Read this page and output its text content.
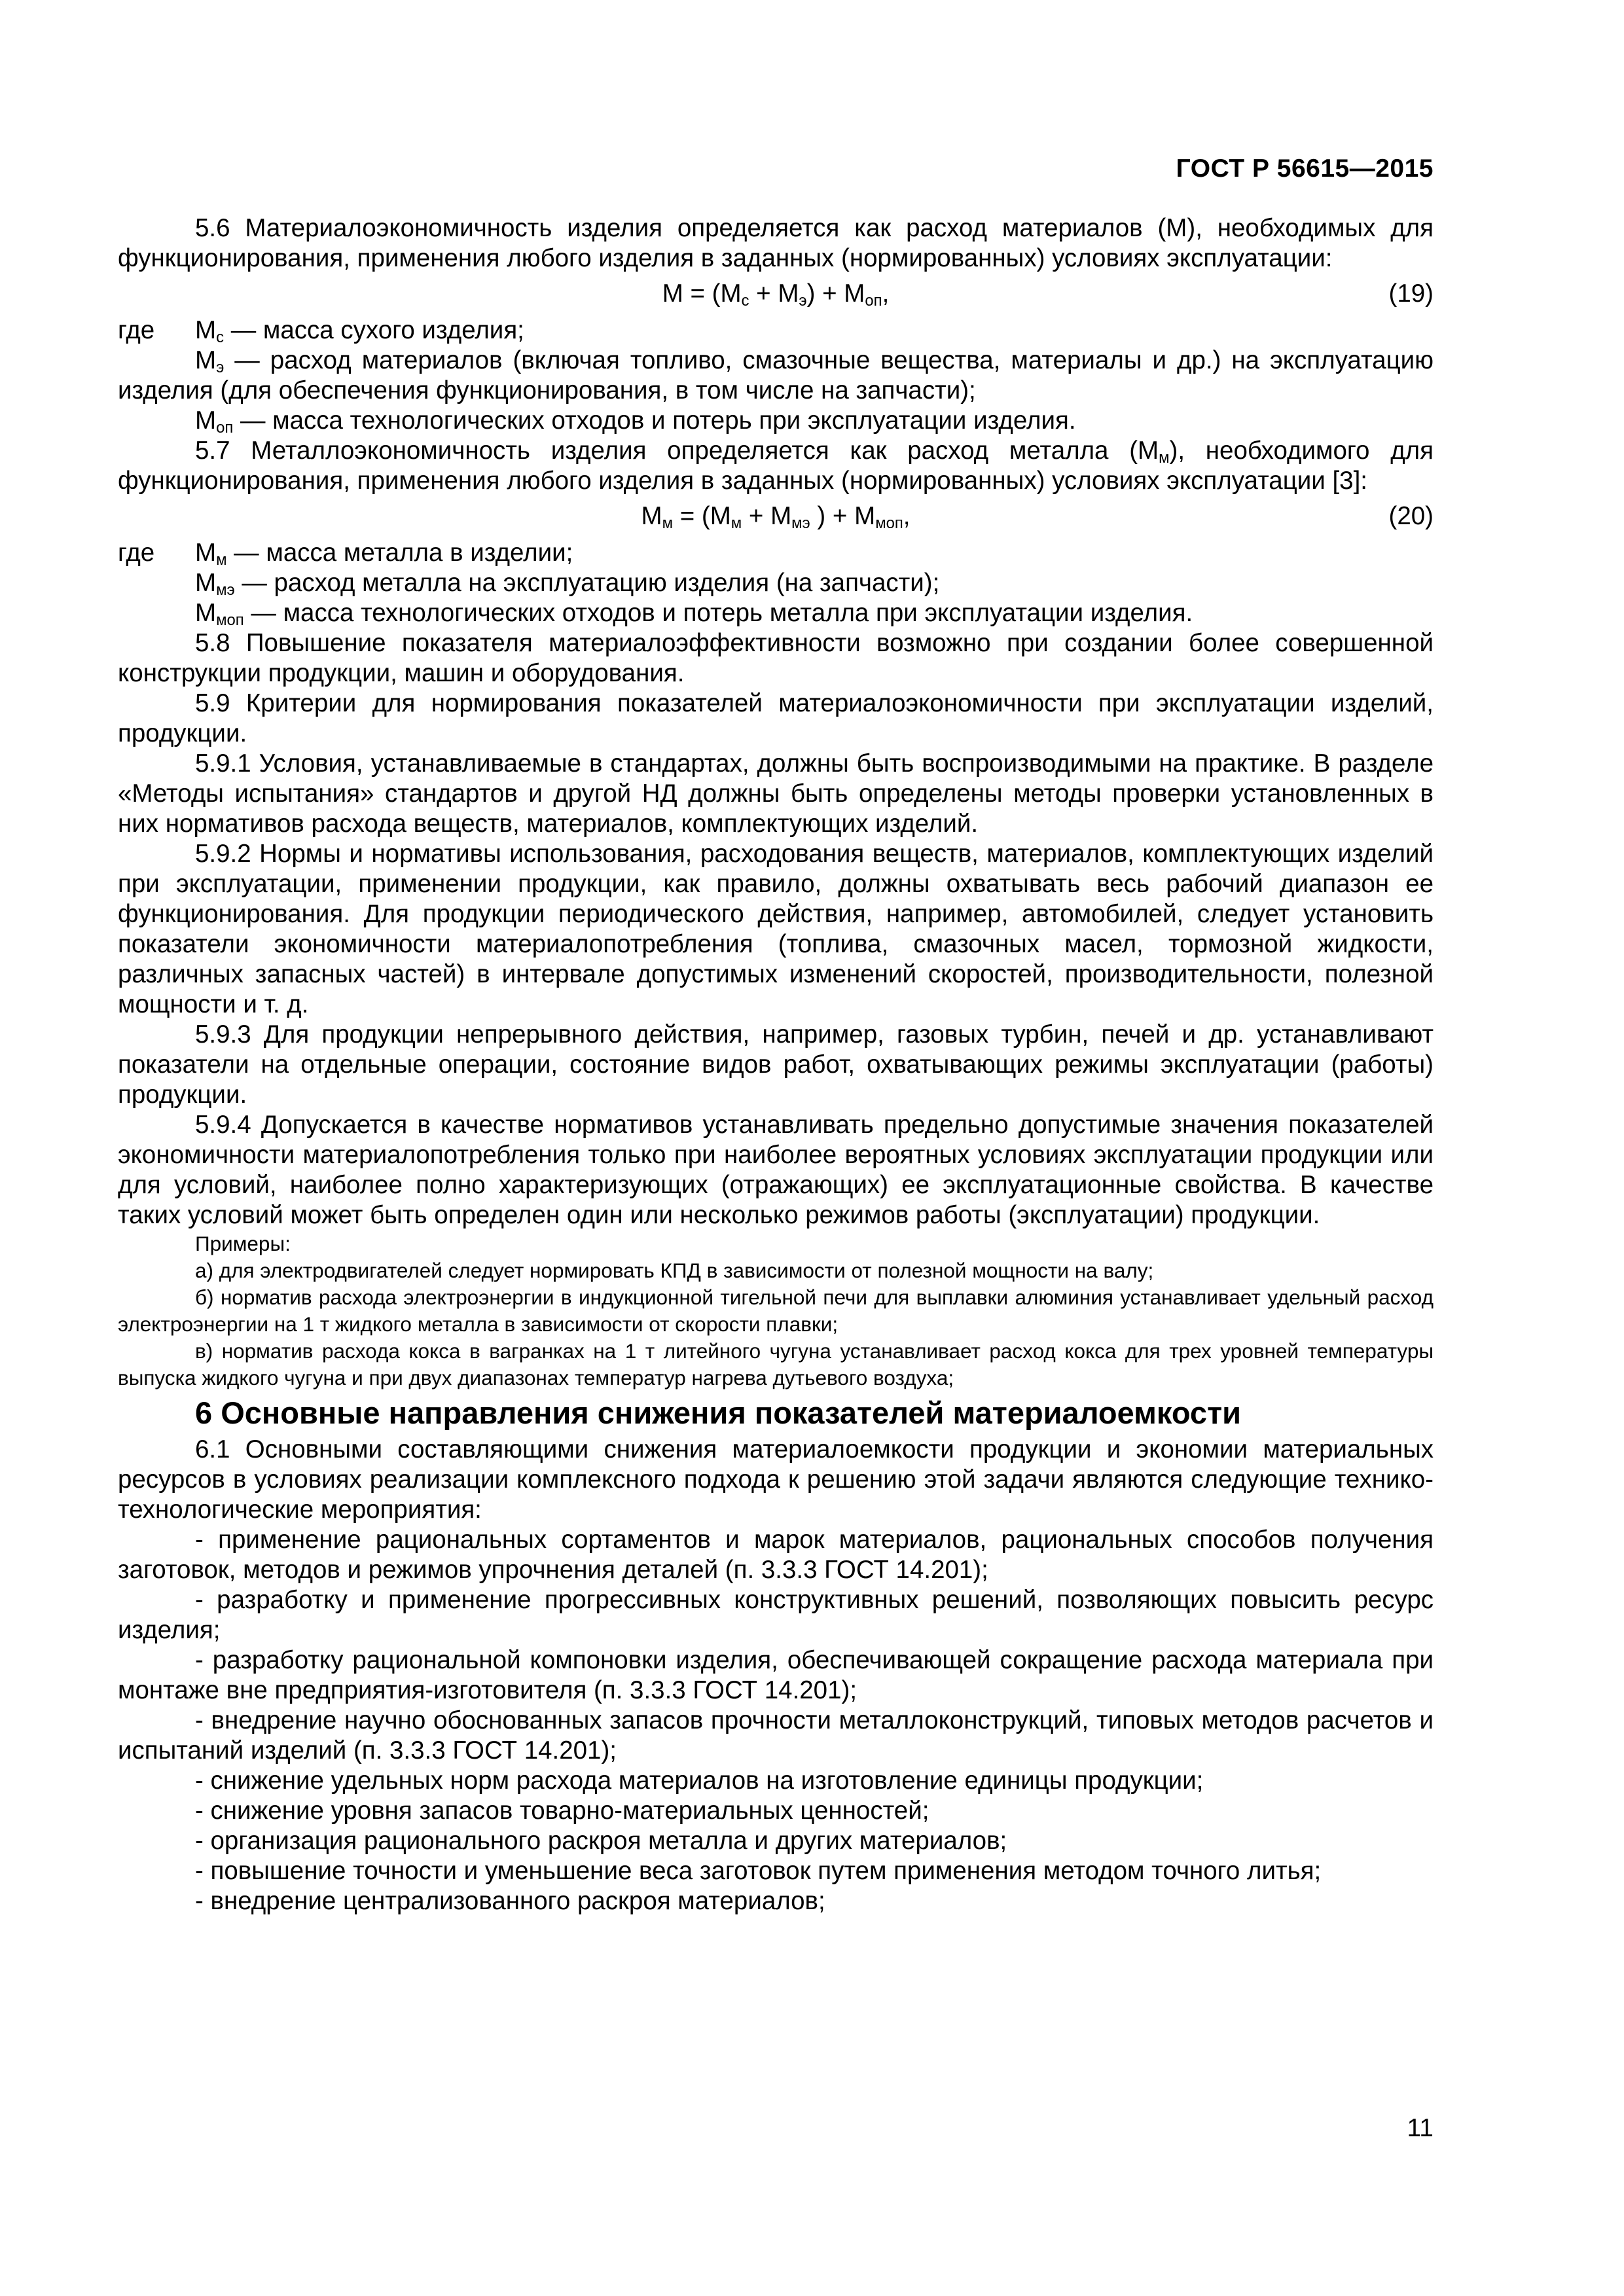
ГОСТ Р 56615—2015

5.6 Материалоэкономичность изделия определяется как расход материалов (М), необходимых для функционирования, применения любого изделия в заданных (нормированных) условиях эксплуатации:

$М = (М_с + М_э) + М_{оп}$,	(19)
где	$М_с$ — масса сухого изделия;

$М_э$ — расход материалов (включая топливо, смазочные вещества, материалы и др.) на эксплуатацию изделия (для обеспечения функционирования, в том числе на запчасти);

$М_{оп}$ — масса технологических отходов и потерь при эксплуатации изделия.

5.7 Металлоэкономичность изделия определяется как расход металла $(М_м)$, необходимого для функционирования, применения любого изделия в заданных (нормированных) условиях эксплуатации [3]:

$М_м = (М_м + М_{мэ}$ ) + $М_{моп}$,	(20)
где	$М_м$ — масса металла в изделии;

$М_{мэ}$ — расход металла на эксплуатацию изделия (на запчасти);

$М_{моп}$ — масса технологических отходов и потерь металла при эксплуатации изделия.

5.8 Повышение показателя материалоэффективности возможно при создании более совершенной конструкции продукции, машин и оборудования.

5.9 Критерии для нормирования показателей материалоэкономичности при эксплуатации изделий, продукции.

5.9.1 Условия, устанавливаемые в стандартах, должны быть воспроизводимыми на практике. В разделе «Методы испытания» стандартов и другой НД должны быть определены методы проверки установленных в них нормативов расхода веществ, материалов, комплектующих изделий.

5.9.2 Нормы и нормативы использования, расходования веществ, материалов, комплектующих изделий при эксплуатации, применении продукции, как правило, должны охватывать весь рабочий диапазон ее функционирования. Для продукции периодического действия, например, автомобилей, следует установить показатели экономичности материалопотребления (топлива, смазочных масел, тормозной жидкости, различных запасных частей) в интервале допустимых изменений скоростей, производительности, полезной мощности и т. д.

5.9.3 Для продукции непрерывного действия, например, газовых турбин, печей и др. устанавливают показатели на отдельные операции, состояние видов работ, охватывающих режимы эксплуатации (работы) продукции.

5.9.4 Допускается в качестве нормативов устанавливать предельно допустимые значения показателей экономичности материалопотребления только при наиболее вероятных условиях эксплуатации продукции или для условий, наиболее полно характеризующих (отражающих) ее эксплуатационные свойства. В качестве таких условий может быть определен один или несколько режимов работы (эксплуатации) продукции.

Примеры:

а) для электродвигателей следует нормировать КПД в зависимости от полезной мощности на валу;

б) норматив расхода электроэнергии в индукционной тигельной печи для выплавки алюминия устанавливает удельный расход электроэнергии на 1 т жидкого металла в зависимости от скорости плавки;

в) норматив расхода кокса в вагранках на 1 т литейного чугуна устанавливает расход кокса для трех уровней температуры выпуска жидкого чугуна и при двух диапазонах температур нагрева дутьевого воздуха;

6 Основные направления снижения показателей материалоемкости

6.1 Основными составляющими снижения материалоемкости продукции и экономии материальных ресурсов в условиях реализации комплексного подхода к решению этой задачи являются следующие технико-технологические мероприятия:

- применение рациональных сортаментов и марок материалов, рациональных способов получения заготовок, методов и режимов упрочнения деталей (п. 3.3.3 ГОСТ 14.201);

- разработку и применение прогрессивных конструктивных решений, позволяющих повысить ресурс изделия;

- разработку рациональной компоновки изделия, обеспечивающей сокращение расхода материала при монтаже вне предприятия-изготовителя (п. 3.3.3 ГОСТ 14.201);

- внедрение научно обоснованных запасов прочности металлоконструкций, типовых методов расчетов и испытаний изделий (п. 3.3.3 ГОСТ 14.201);

- снижение удельных норм расхода материалов на изготовление единицы продукции;

- снижение уровня запасов товарно-материальных ценностей;

- организация рационального раскроя металла и других материалов;

- повышение точности и уменьшение веса заготовок путем применения методом точного литья;

- внедрение централизованного раскроя материалов;

11
